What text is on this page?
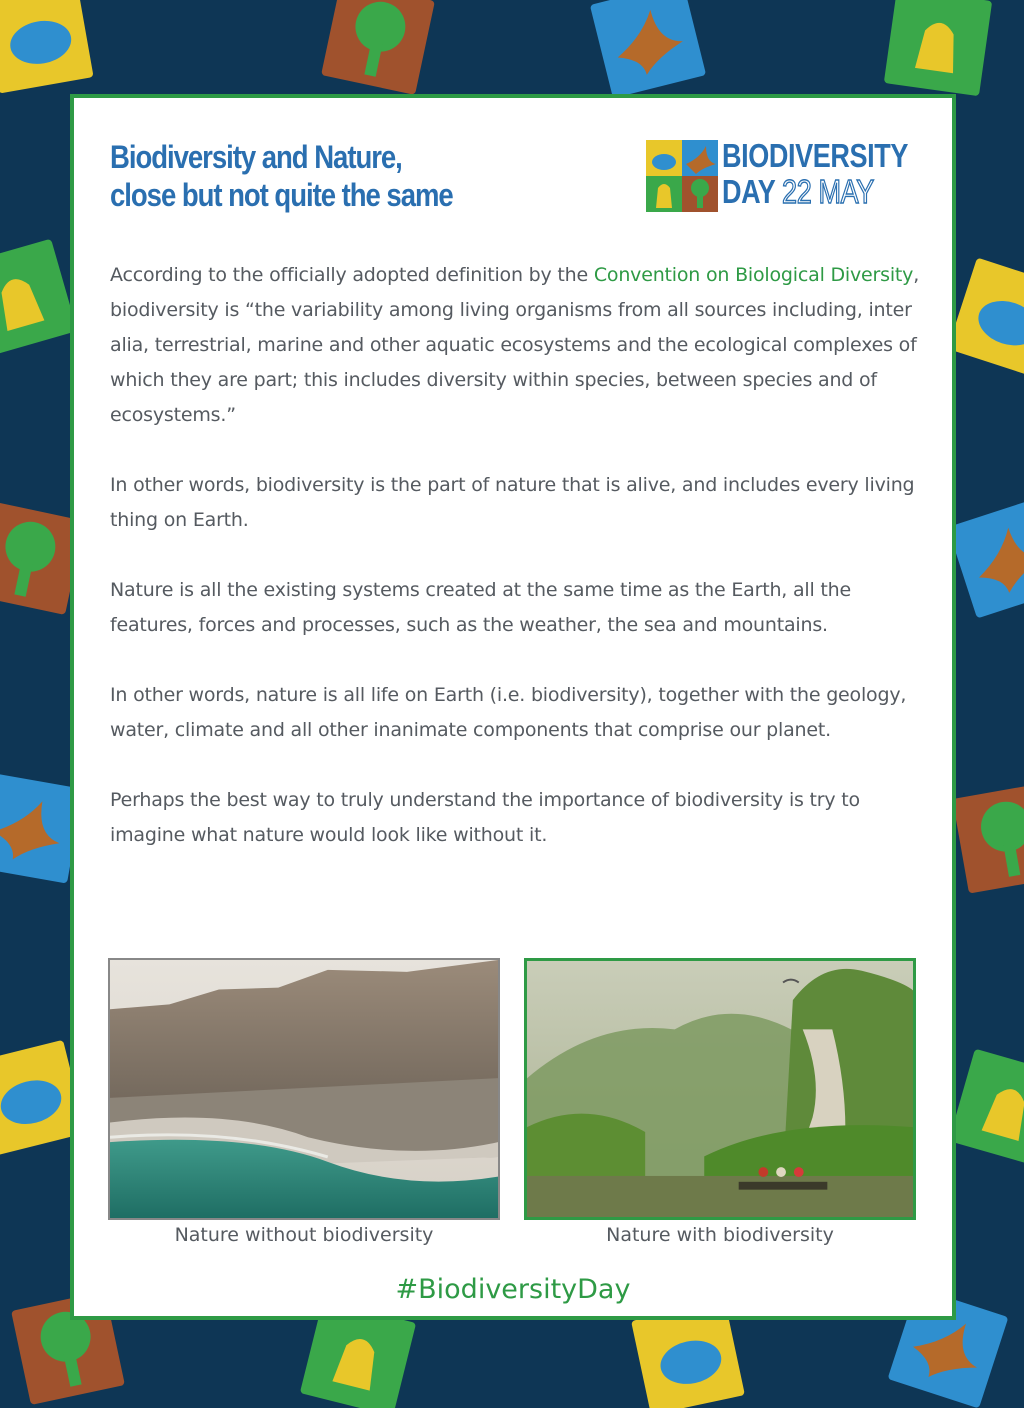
Biodiversity and Nature,
close but not quite the same
BIODIVERSITY
DAY 22 MAY

According to the officially adopted definition by the Convention on Biological Diversity, biodiversity is “the variability among living organisms from all sources including, inter alia, terrestrial, marine and other aquatic ecosystems and the ecological complexes of which they are part; this includes diversity within species, between species and of ecosystems.”

In other words, biodiversity is the part of nature that is alive, and includes every living thing on Earth.

Nature is all the existing systems created at the same time as the Earth, all the features, forces and processes, such as the weather, the sea and mountains.

In other words, nature is all life on Earth (i.e. biodiversity), together with the geology, water, climate and all other inanimate components that comprise our planet.

Perhaps the best way to truly understand the importance of biodiversity is try to imagine what nature would look like without it.

Nature without biodiversity	Nature with biodiversity
#BiodiversityDay
